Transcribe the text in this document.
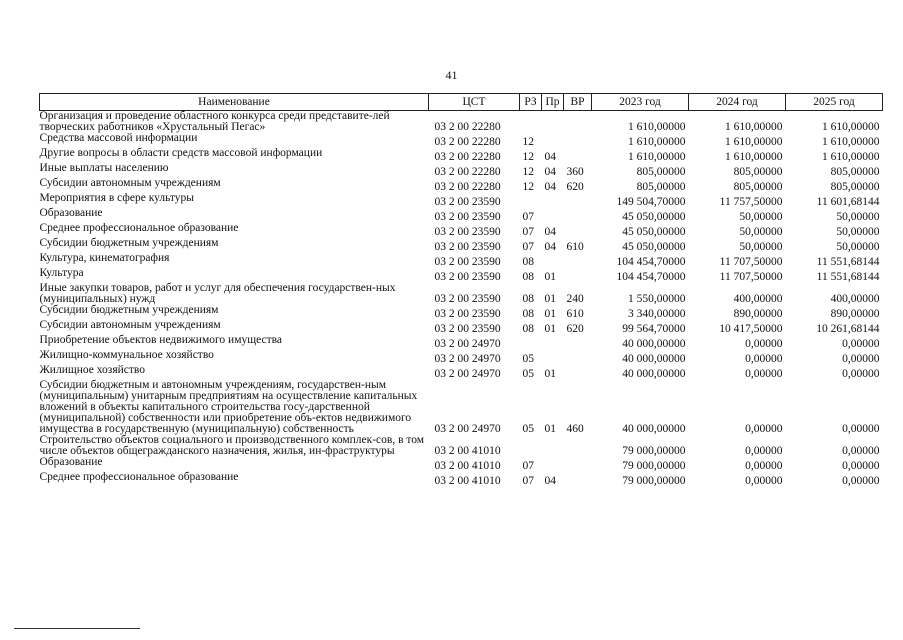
41
Наименование	ЦСТ	РЗ	Пр	ВР	2023 год	2024 год	2025 год
Организация и проведение областного конкурса среди представите-лей творческих работников «Хрустальный Пегас»	03 2 00 22280				1 610,00000	1 610,00000	1 610,00000
Средства массовой информации	03 2 00 22280	12			1 610,00000	1 610,00000	1 610,00000
Другие вопросы в области средств массовой информации	03 2 00 22280	12	04		1 610,00000	1 610,00000	1 610,00000
Иные выплаты населению	03 2 00 22280	12	04	360	805,00000	805,00000	805,00000
Субсидии автономным учреждениям	03 2 00 22280	12	04	620	805,00000	805,00000	805,00000
Мероприятия в сфере культуры	03 2 00 23590				149 504,70000	11 757,50000	11 601,68144
Образование	03 2 00 23590	07			45 050,00000	50,00000	50,00000
Среднее профессиональное образование	03 2 00 23590	07	04		45 050,00000	50,00000	50,00000
Субсидии бюджетным учреждениям	03 2 00 23590	07	04	610	45 050,00000	50,00000	50,00000
Культура, кинематография	03 2 00 23590	08			104 454,70000	11 707,50000	11 551,68144
Культура	03 2 00 23590	08	01		104 454,70000	11 707,50000	11 551,68144
Иные закупки товаров, работ и услуг для обеспечения государствен-ных (муниципальных) нужд	03 2 00 23590	08	01	240	1 550,00000	400,00000	400,00000
Субсидии бюджетным учреждениям	03 2 00 23590	08	01	610	3 340,00000	890,00000	890,00000
Субсидии автономным учреждениям	03 2 00 23590	08	01	620	99 564,70000	10 417,50000	10 261,68144
Приобретение объектов недвижимого имущества	03 2 00 24970				40 000,00000	0,00000	0,00000
Жилищно-коммунальное хозяйство	03 2 00 24970	05			40 000,00000	0,00000	0,00000
Жилищное хозяйство	03 2 00 24970	05	01		40 000,00000	0,00000	0,00000
Субсидии бюджетным и автономным учреждениям, государствен-ным (муниципальным) унитарным предприятиям на осуществление капитальных вложений в объекты капитального строительства госу-дарственной (муниципальной) собственности или приобретение объ-ектов недвижимого имущества в государственную (муниципальную) собственность	03 2 00 24970	05	01	460	40 000,00000	0,00000	0,00000
Строительство объектов социального и производственного комплек-сов, в том числе объектов общегражданского назначения, жилья, ин-фраструктуры	03 2 00 41010				79 000,00000	0,00000	0,00000
Образование	03 2 00 41010	07			79 000,00000	0,00000	0,00000
Среднее профессиональное образование	03 2 00 41010	07	04		79 000,00000	0,00000	0,00000
